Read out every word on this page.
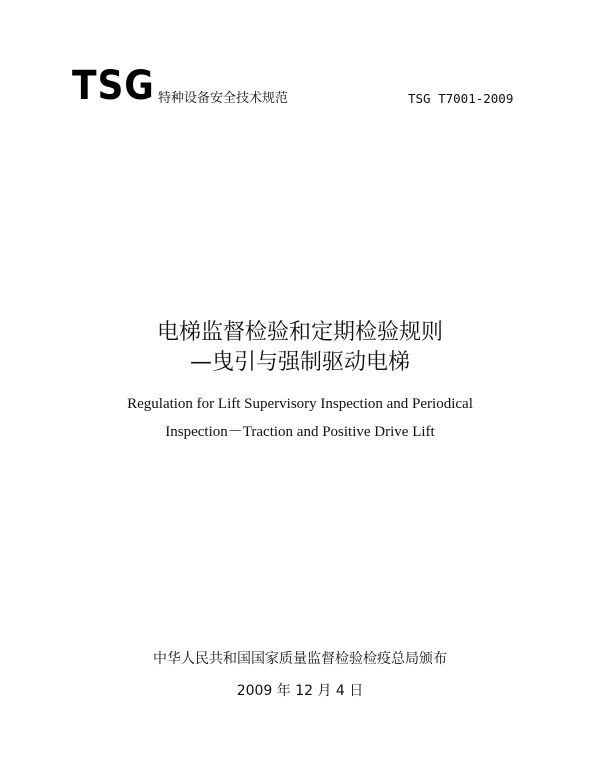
TSG 特种设备安全技术规范	TSG T7001-2009
电梯监督检验和定期检验规则
—曳引与强制驱动电梯
Regulation for Lift Supervisory Inspection and Periodical
Inspection－Traction and Positive Drive Lift
中华人民共和国国家质量监督检验检疫总局颁布
2009 年 12 月 4 日
